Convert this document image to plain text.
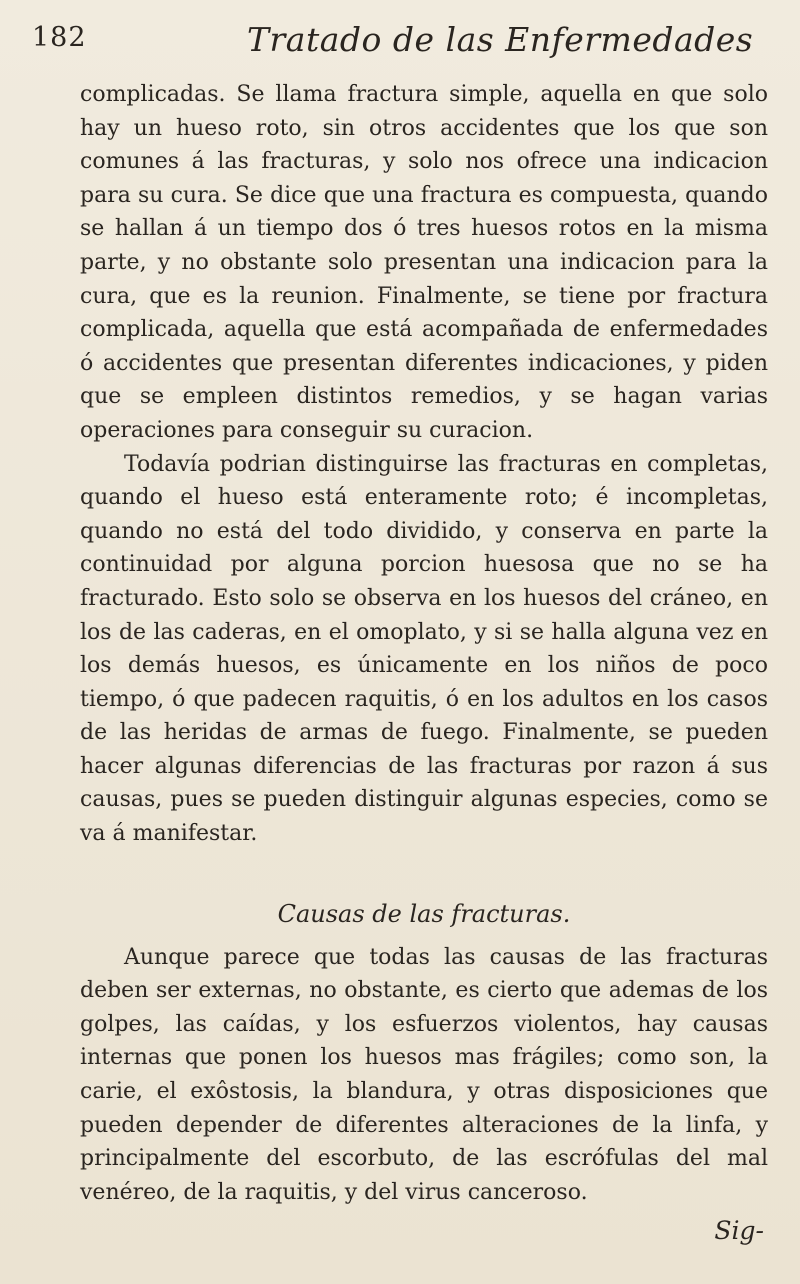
182	Tratado de las Enfermedades

complicadas. Se llama fractura simple, aquella en que solo hay un hueso roto, sin otros accidentes que los que son comunes á las fracturas, y solo nos ofrece una indicacion para su cura. Se dice que una fractura es compuesta, quando se hallan á un tiempo dos ó tres huesos rotos en la misma parte, y no obstante solo presentan una indicacion para la cura, que es la reunion. Finalmente, se tiene por fractura complicada, aquella que está acompañada de enfermedades ó accidentes que presentan diferentes indicaciones, y piden que se empleen distintos remedios, y se hagan varias operaciones para conseguir su curacion.

Todavía podrian distinguirse las fracturas en completas, quando el hueso está enteramente roto; é incompletas, quando no está del todo dividido, y conserva en parte la continuidad por alguna porcion huesosa que no se ha fracturado. Esto solo se observa en los huesos del cráneo, en los de las caderas, en el omoplato, y si se halla alguna vez en los demás huesos, es únicamente en los niños de poco tiempo, ó que padecen raquitis, ó en los adultos en los casos de las heridas de armas de fuego. Finalmente, se pueden hacer algunas diferencias de las fracturas por razon á sus causas, pues se pueden distinguir algunas especies, como se va á manifestar.

Causas de las fracturas.

Aunque parece que todas las causas de las fracturas deben ser externas, no obstante, es cierto que ademas de los golpes, las caídas, y los esfuerzos violentos, hay causas internas que ponen los huesos mas frágiles; como son, la carie, el exôstosis, la blandura, y otras disposiciones que pueden depender de diferentes alteraciones de la linfa, y principalmente del escorbuto, de las escrófulas del mal venéreo, de la raquitis, y del virus canceroso.

Sig-
